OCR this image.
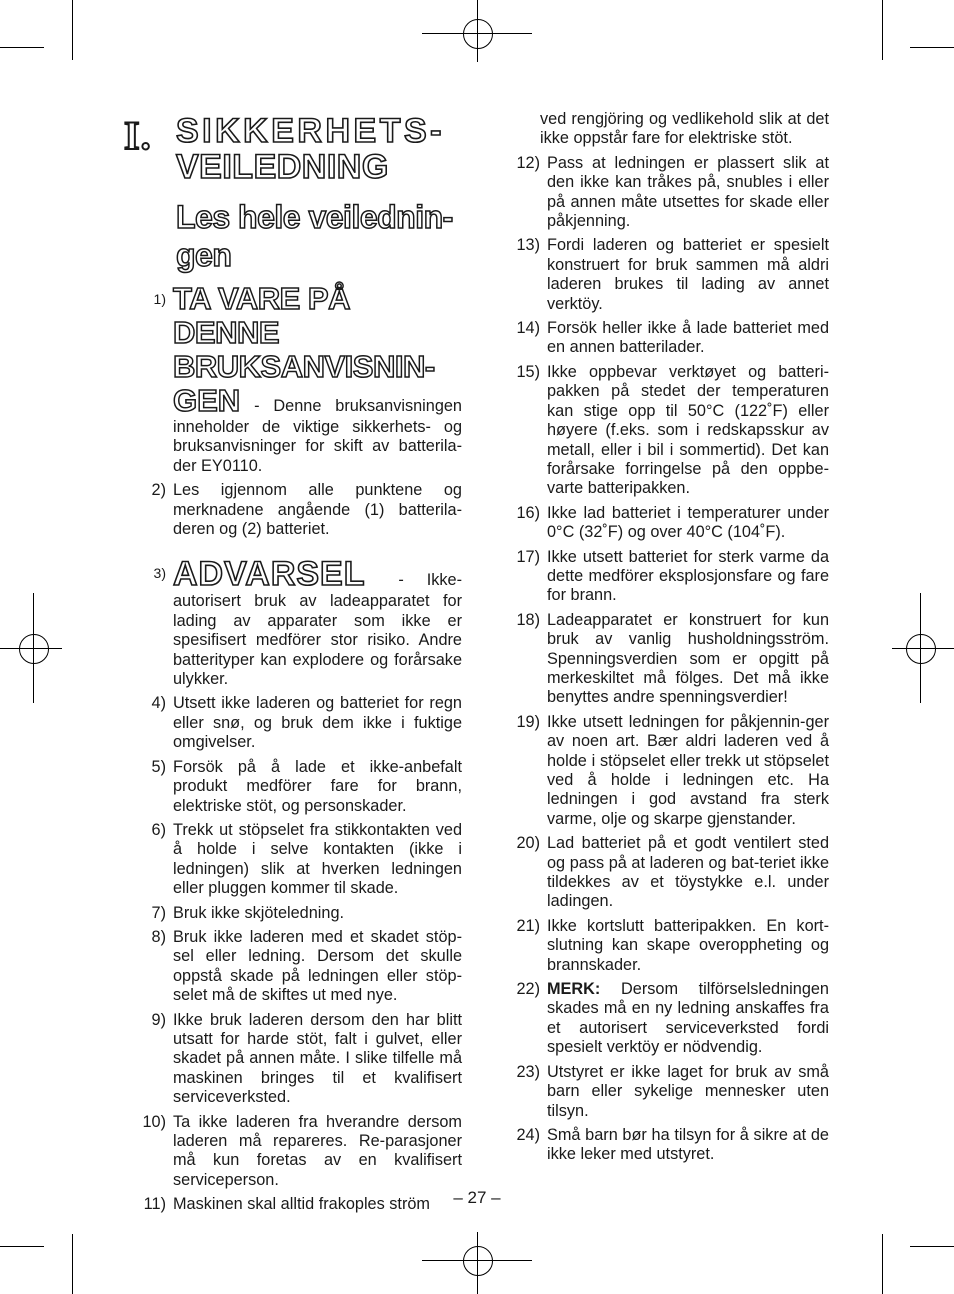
I. SIKKERHETS-
VEILEDNING
Les hele veilednin-
gen
1) TA VARE PÅ DENNE
BRUKSANVISNIN-
GEN - Denne bruksanvisningen inneholder de viktige sikkerhets- og bruksanvisninger for skift av batterila-der EY0110.
2) Les igjennom alle punktene og merknadene angående (1) batterila-deren og (2) batteriet.
3) ADVARSEL - Ikke-autorisert bruk av ladeapparatet for lading av apparater som ikke er spesifisert medförer stor risiko. Andre batterityper kan explodere og forårsake ulykker.
4) Utsett ikke laderen og batteriet for regn eller snø, og bruk dem ikke i fuktige omgivelser.
5) Forsök på å lade et ikke-anbefalt produkt medförer fare for brann, elektriske stöt, og personskader.
6) Trekk ut stöpselet fra stikkontakten ved å holde i selve kontakten (ikke i ledningen) slik at hverken ledningen eller pluggen kommer til skade.
7) Bruk ikke skjöteledning.
8) Bruk ikke laderen med et skadet stöp-sel eller ledning. Dersom det skulle oppstå skade på ledningen eller stöp-selet må de skiftes ut med nye.
9) Ikke bruk laderen dersom den har blitt utsatt for harde stöt, falt i gulvet, eller skadet på annen måte. I slike tilfelle må maskinen bringes til et kvalifisert serviceverksted.
10) Ta ikke laderen fra hverandre dersom laderen må repareres. Re-parasjoner må kun foretas av en kvalifisert serviceperson.
11) Maskinen skal alltid frakoples ström
ved rengjöring og vedlikehold slik at det ikke oppstår fare for elektriske stöt.
12) Pass at ledningen er plassert slik at den ikke kan tråkes på, snubles i eller på annen måte utsettes for skade eller påkjenning.
13) Fordi laderen og batteriet er spesielt konstruert for bruk sammen må aldri laderen brukes til lading av annet verktöy.
14) Forsök heller ikke å lade batteriet med en annen batterilader.
15) Ikke oppbevar verktøyet og batteri-pakken på stedet der temperaturen kan stige opp til 50°C (122˚F) eller høyere (f.eks. som i redskapsskur av metall, eller i bil i sommertid). Det kan forårsake forringelse på den oppbe-varte batteripakken.
16) Ikke lad batteriet i temperaturer under 0°C (32˚F) og over 40°C (104˚F).
17) Ikke utsett batteriet for sterk varme da dette medförer eksplosjonsfare og fare for brann.
18) Ladeapparatet er konstruert for kun bruk av vanlig husholdningsström. Spenningsverdien som er opgitt på merkeskiltet må fölges. Det må ikke benyttes andre spenningsverdier!
19) Ikke utsett ledningen for påkjennin-ger av noen art. Bær aldri laderen ved å holde i stöpselet eller trekk ut stöpselet ved å holde i ledningen etc. Ha ledningen i god avstand fra sterk varme, olje og skarpe gjenstander.
20) Lad batteriet på et godt ventilert sted og pass på at laderen og bat-teriet ikke tildekkes av et töystykke e.l. under ladingen.
21) Ikke kortslutt batteripakken. En kort-slutning kan skape overoppheting og brannskader.
22) MERK: Dersom tilförselsledningen skades må en ny ledning anskaffes fra et autorisert serviceverksted fordi spesielt verktöy er nödvendig.
23) Utstyret er ikke laget for bruk av små barn eller sykelige mennesker uten tilsyn.
24) Små barn bør ha tilsyn for å sikre at de ikke leker med utstyret.
– 27 –
